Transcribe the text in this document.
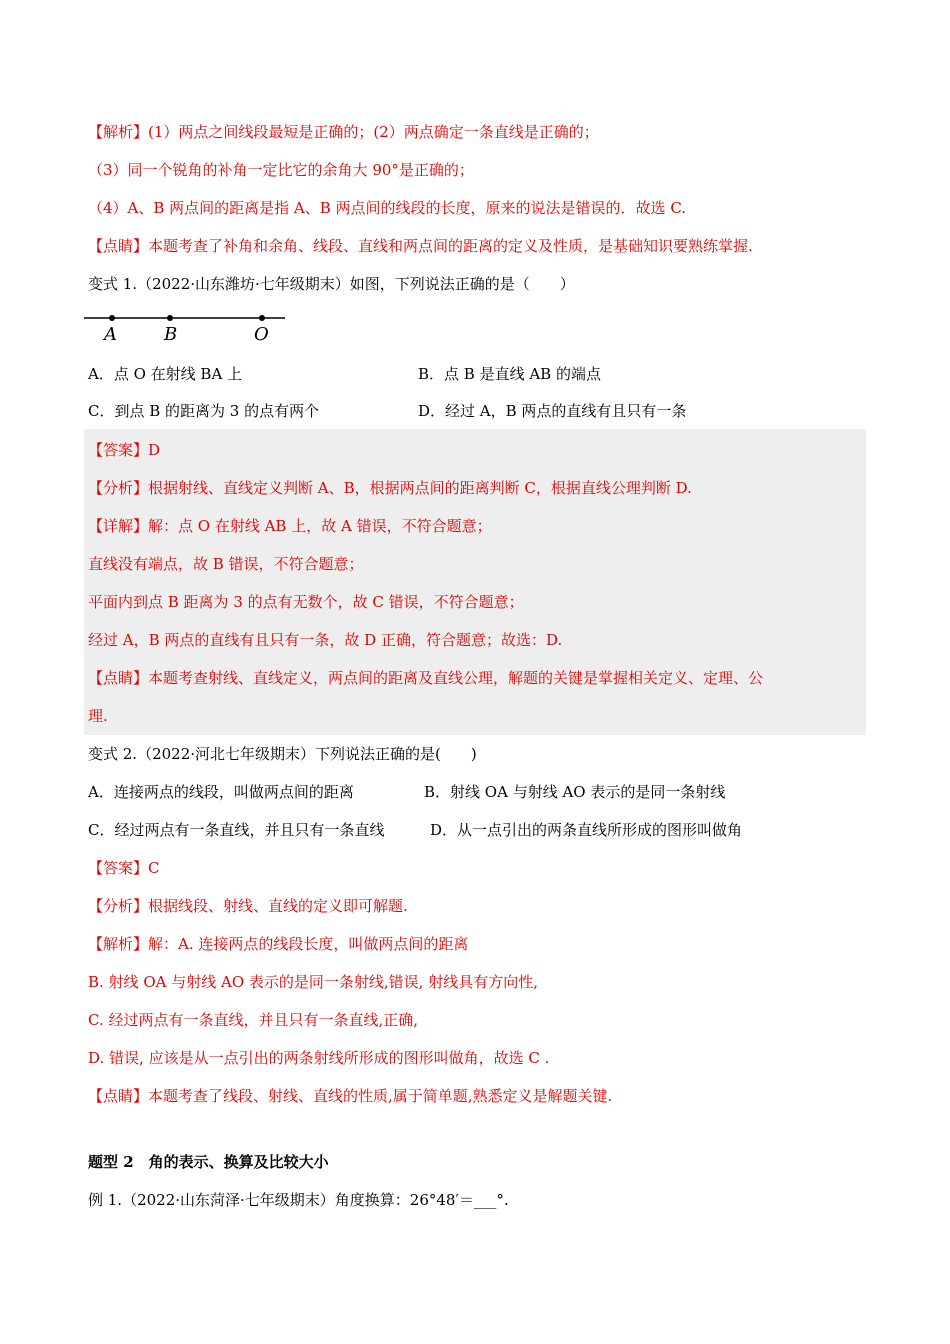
【解析】(1）两点之间线段最短是正确的；(2）两点确定一条直线是正确的；
（3）同一个锐角的补角一定比它的余角大 90°是正确的；
（4）A、B 两点间的距离是指 A、B 两点间的线段的长度，原来的说法是错误的．故选 C.
【点睛】本题考查了补角和余角、线段、直线和两点间的距离的定义及性质，是基础知识要熟练掌握.
变式 1.（2022·山东潍坊·七年级期末）如图，下列说法正确的是（　　）
A	B	O
A．点 O 在射线 BA 上	B．点 B 是直线 AB 的端点
C．到点 B 的距离为 3 的点有两个	D．经过 A，B 两点的直线有且只有一条
【答案】D
【分析】根据射线、直线定义判断 A、B，根据两点间的距离判断 C，根据直线公理判断 D.
【详解】解：点 O 在射线 AB 上，故 A 错误，不符合题意；
直线没有端点，故 B 错误，不符合题意；
平面内到点 B 距离为 3 的点有无数个，故 C 错误，不符合题意；
经过 A，B 两点的直线有且只有一条，故 D 正确，符合题意；故选：D.
【点睛】本题考查射线、直线定义，两点间的距离及直线公理，解题的关键是掌握相关定义、定理、公
理.
变式 2.（2022·河北七年级期末）下列说法正确的是(　　)
A．连接两点的线段，叫做两点间的距离	B．射线 OA 与射线 AO 表示的是同一条射线
C．经过两点有一条直线，并且只有一条直线	D．从一点引出的两条直线所形成的图形叫做角
【答案】C
【分析】根据线段、射线、直线的定义即可解题.
【解析】解：A. 连接两点的线段长度，叫做两点间的距离
B. 射线 OA 与射线 AO 表示的是同一条射线,错误, 射线具有方向性,
C. 经过两点有一条直线，并且只有一条直线,正确,
D. 错误, 应该是从一点引出的两条射线所形成的图形叫做角，故选 C .
【点睛】本题考查了线段、射线、直线的性质,属于简单题,熟悉定义是解题关键.
题型 2　角的表示、换算及比较大小
例 1.（2022·山东菏泽·七年级期末）角度换算：26°48′＝___°.
